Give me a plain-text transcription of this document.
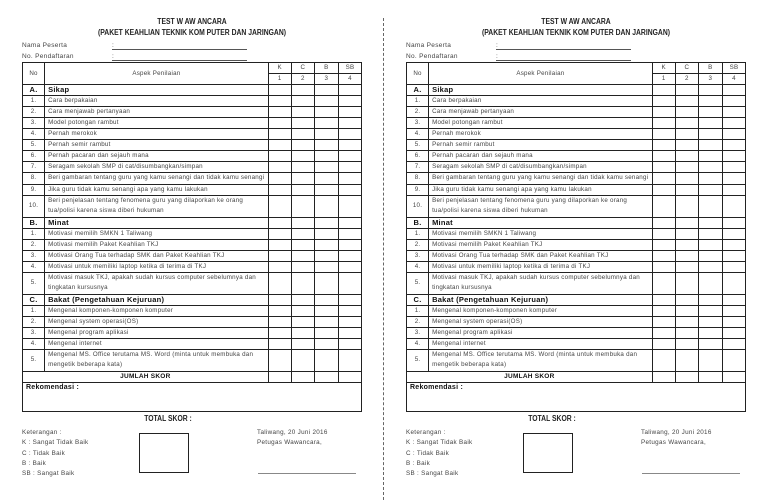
TEST W AW ANCARA
(PAKET KEAHLIAN TEKNIK KOM PUTER DAN JARINGAN)
Nama Peserta	:
No. Pendaftaran	:
No	Aspek Penilaian	K	C	B	SB
		1	2	3	4
A.	Sikap				
1.	Cara berpakaian				
2.	Cara menjawab pertanyaan				
3.	Model potongan rambut				
4.	Pernah merokok				
5.	Pernah semir rambut				
6.	Pernah pacaran dan sejauh mana				
7.	Seragam sekolah SMP di cat/disumbangkan/simpan				
8.	Beri gambaran tentang guru yang kamu senangi dan tidak kamu senangi				
9.	Jika guru tidak kamu senangi apa yang kamu lakukan				
10.	Beri penjelasan tentang fenomena guru yang dilaporkan ke orang tua/polisi karena siswa diberi hukuman				
B.	Minat				
1.	Motivasi memilih SMKN 1 Taliwang				
2.	Motivasi memilih Paket Keahlian TKJ				
3.	Motivasi Orang Tua terhadap SMK dan Paket Keahlian TKJ				
4.	Motivasi untuk memiliki laptop ketika di terima di TKJ				
5.	Motivasi masuk TKJ, apakah sudah kursus computer sebelumnya dan tingkatan kursusnya				
C.	Bakat (Pengetahuan Kejuruan)				
1.	Mengenal komponen-komponen komputer				
2.	Mengenal system operasi(OS)				
3.	Mengenal program aplikasi				
4.	Mengenal internet				
5.	Mengenal MS. Office terutama MS. Word (minta untuk membuka dan mengetik beberapa kata)				
JUMLAH SKOR					
Rekomendasi :					
TOTAL SKOR :
Keterangan :
K : Sangat Tidak Baik
C : Tidak Baik
B : Baik
SB : Sangat Baik
Taliwang, 20 Juni 2016
Petugas Wawancara,
TEST W AW ANCARA
(PAKET KEAHLIAN TEKNIK KOM PUTER DAN JARINGAN)
Nama Peserta	:
No. Pendaftaran	:
No	Aspek Penilaian	K	C	B	SB
		1	2	3	4
A.	Sikap				
1.	Cara berpakaian				
2.	Cara menjawab pertanyaan				
3.	Model potongan rambut				
4.	Pernah merokok				
5.	Pernah semir rambut				
6.	Pernah pacaran dan sejauh mana				
7.	Seragam sekolah SMP di cat/disumbangkan/simpan				
8.	Beri gambaran tentang guru yang kamu senangi dan tidak kamu senangi				
9.	Jika guru tidak kamu senangi apa yang kamu lakukan				
10.	Beri penjelasan tentang fenomena guru yang dilaporkan ke orang tua/polisi karena siswa diberi hukuman				
B.	Minat				
1.	Motivasi memilih SMKN 1 Taliwang				
2.	Motivasi memilih Paket Keahlian TKJ				
3.	Motivasi Orang Tua terhadap SMK dan Paket Keahlian TKJ				
4.	Motivasi untuk memiliki laptop ketika di terima di TKJ				
5.	Motivasi masuk TKJ, apakah sudah kursus computer sebelumnya dan tingkatan kursusnya				
C.	Bakat (Pengetahuan Kejuruan)				
1.	Mengenal komponen-komponen komputer				
2.	Mengenal system operasi(OS)				
3.	Mengenal program aplikasi				
4.	Mengenal internet				
5.	Mengenal MS. Office terutama MS. Word (minta untuk membuka dan mengetik beberapa kata)				
JUMLAH SKOR					
Rekomendasi :					
TOTAL SKOR :
Keterangan :
K : Sangat Tidak Baik
C : Tidak Baik
B : Baik
SB : Sangat Baik
Taliwang, 20 Juni 2016
Petugas Wawancara,
